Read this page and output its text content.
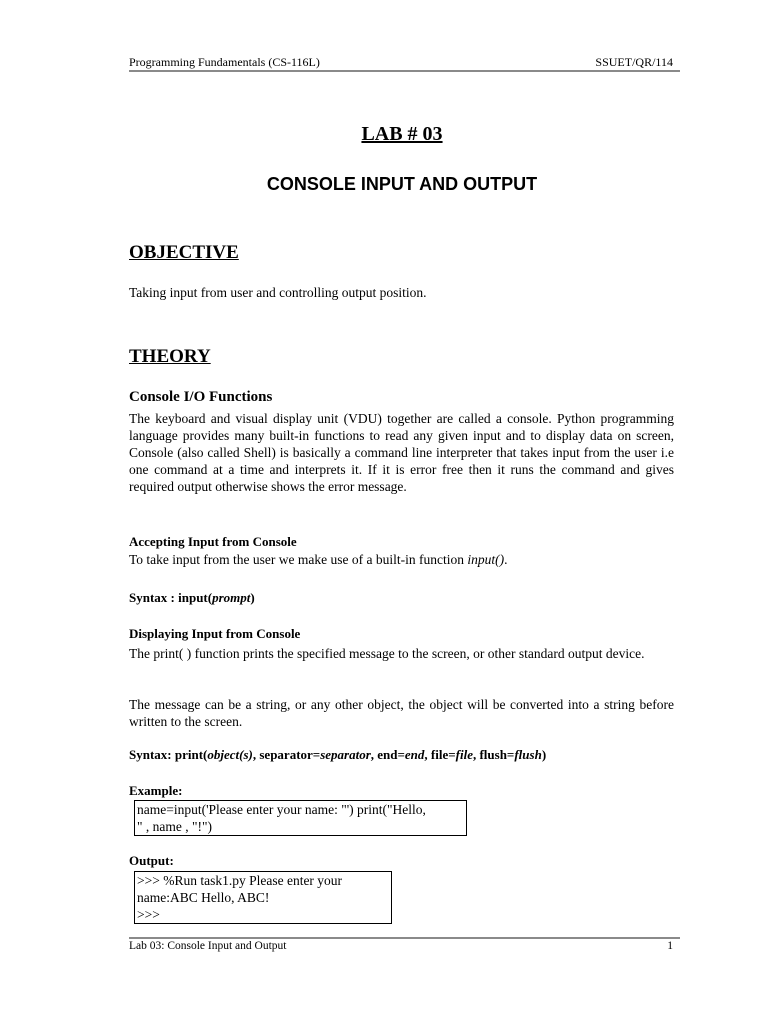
Programming Fundamentals (CS-116L)	SSUET/QR/114
LAB # 03
CONSOLE INPUT AND OUTPUT
OBJECTIVE
Taking input from user and controlling output position.
THEORY
Console I/O Functions
The keyboard and visual display unit (VDU) together are called a console. Python programming language provides many built-in functions to read any given input and to display data on screen, Console (also called Shell) is basically a command line interpreter that takes input from the user i.e one command at a time and interprets it. If it is error free then it runs the command and gives required output otherwise shows the error message.
Accepting Input from Console
To take input from the user we make use of a built-in function input().
Syntax : input(prompt)
Displaying Input from Console
The print( ) function prints the specified message to the screen, or other standard output device.
The message can be a string, or any other object, the object will be converted into a string before written to the screen.
Syntax: print(object(s), separator=separator, end=end, file=file, flush=flush)
Example:
name=input('Please enter your name: "') print("Hello,
" , name , "!")
Output:
>>> %Run task1.py Please enter your
name:ABC Hello, ABC!
>>>
Lab 03: Console Input and Output	1
